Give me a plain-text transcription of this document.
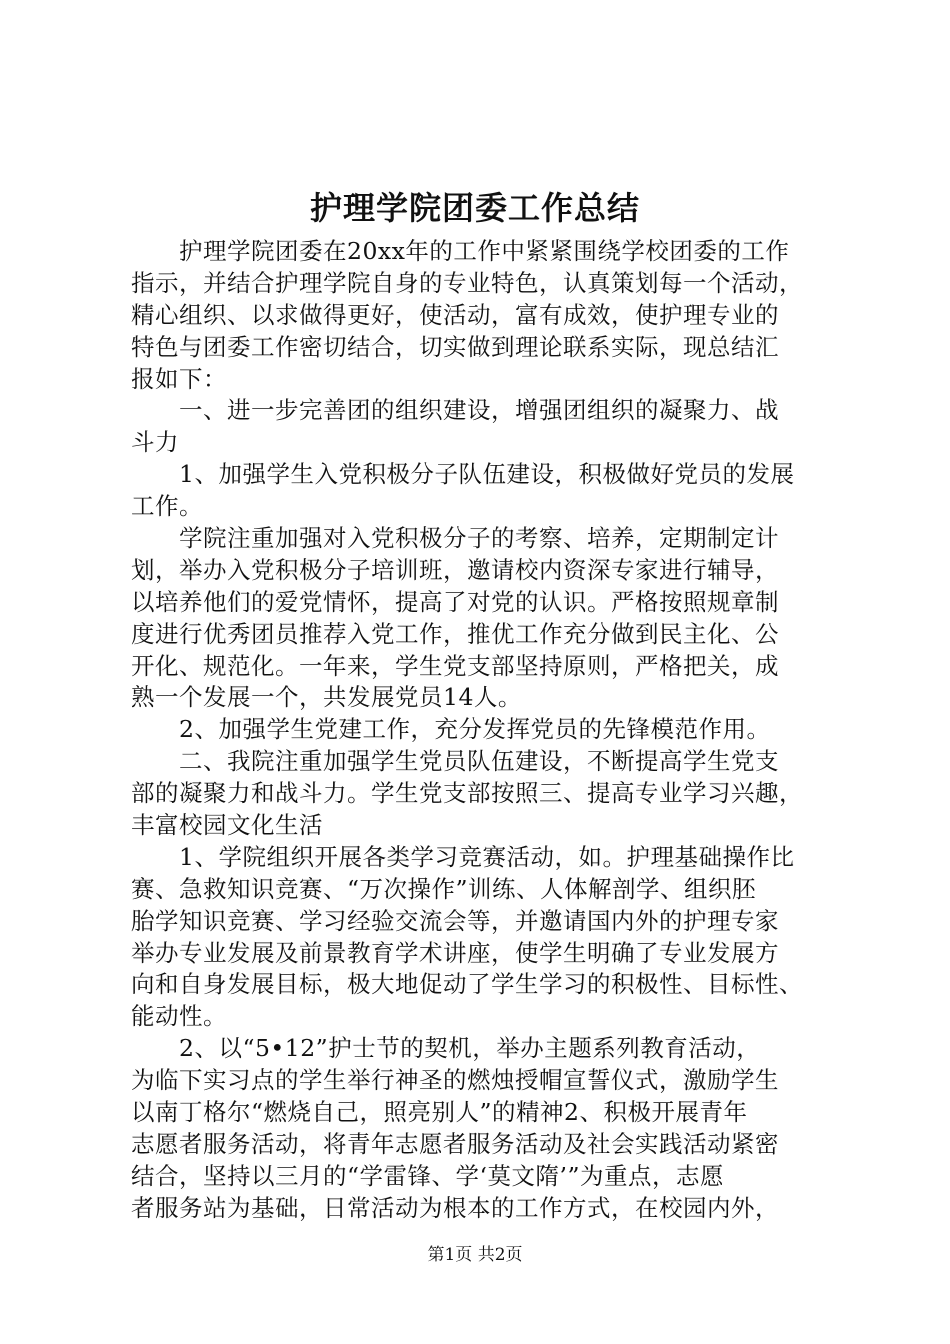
护理学院团委工作总结
　　护理学院团委在20xx年的工作中紧紧围绕学校团委的工作
指示，并结合护理学院自身的专业特色，认真策划每一个活动，
精心组织、以求做得更好，使活动，富有成效，使护理专业的
特色与团委工作密切结合，切实做到理论联系实际，现总结汇
报如下：
　　一、进一步完善团的组织建设，增强团组织的凝聚力、战
斗力
　　1、加强学生入党积极分子队伍建设，积极做好党员的发展
工作。
　　学院注重加强对入党积极分子的考察、培养，定期制定计
划，举办入党积极分子培训班，邀请校内资深专家进行辅导，
以培养他们的爱党情怀，提高了对党的认识。严格按照规章制
度进行优秀团员推荐入党工作，推优工作充分做到民主化、公
开化、规范化。一年来，学生党支部坚持原则，严格把关，成
熟一个发展一个，共发展党员14人。
　　2、加强学生党建工作，充分发挥党员的先锋模范作用。
　　二、我院注重加强学生党员队伍建设，不断提高学生党支
部的凝聚力和战斗力。学生党支部按照三、提高专业学习兴趣，
丰富校园文化生活
　　1、学院组织开展各类学习竞赛活动，如。护理基础操作比
赛、急救知识竞赛、“万次操作”训练、人体解剖学、组织胚
胎学知识竞赛、学习经验交流会等，并邀请国内外的护理专家
举办专业发展及前景教育学术讲座，使学生明确了专业发展方
向和自身发展目标，极大地促动了学生学习的积极性、目标性、
能动性。
　　2、以“5•12”护士节的契机，举办主题系列教育活动，
为临下实习点的学生举行神圣的燃烛授帽宣誓仪式，激励学生
以南丁格尔“燃烧自己，照亮别人”的精神2、积极开展青年
志愿者服务活动，将青年志愿者服务活动及社会实践活动紧密
结合，坚持以三月的“学雷锋、学‘莫文隋’”为重点，志愿
者服务站为基础，日常活动为根本的工作方式，在校园内外，
第1页 共2页
